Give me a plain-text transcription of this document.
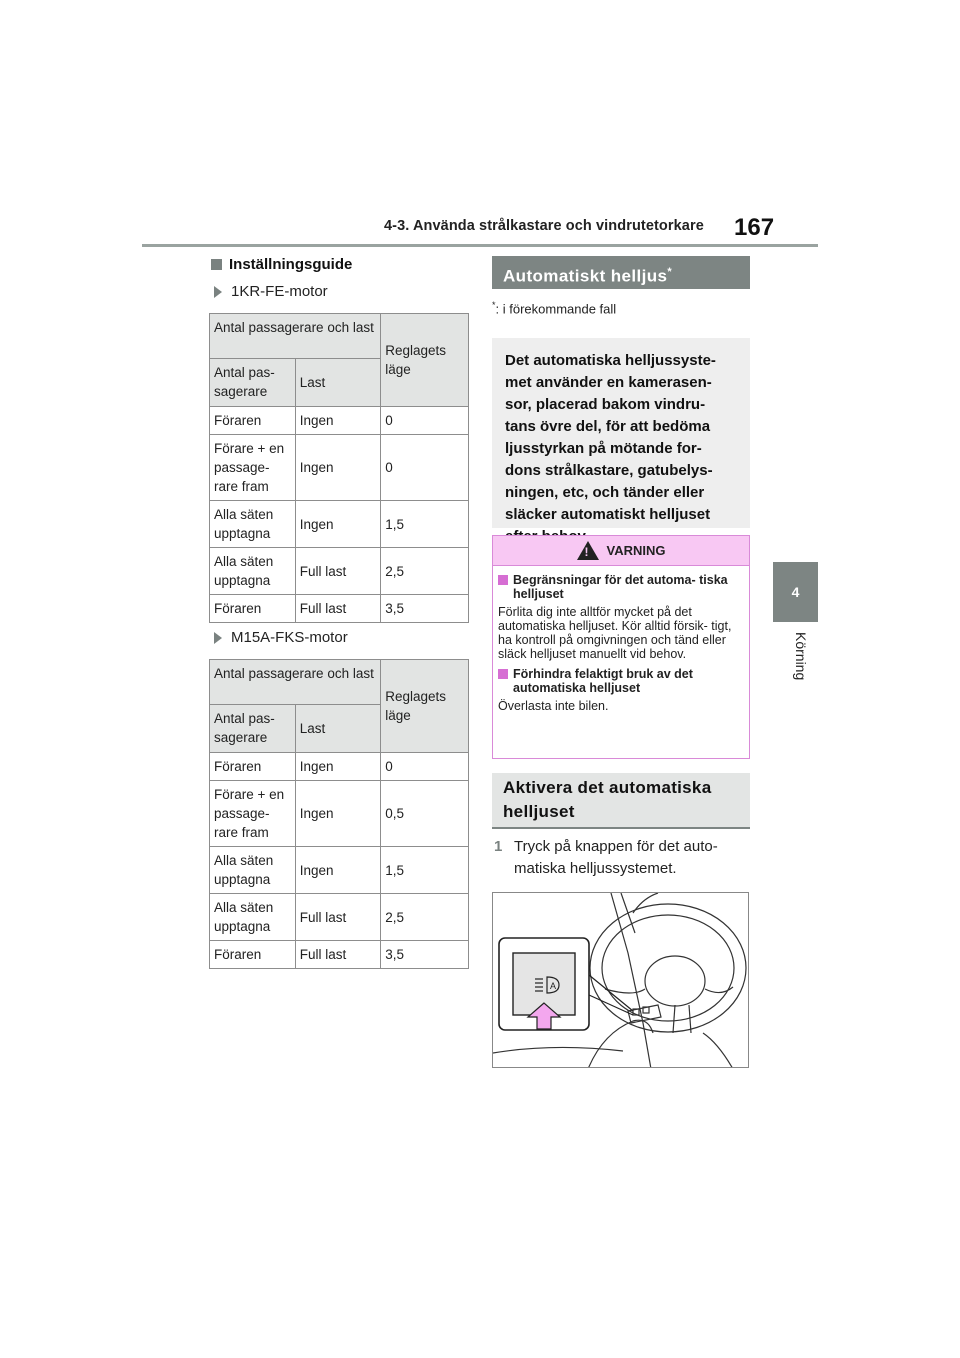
4-3. Använda strålkastare och vindrutetorkare 167
4
Körning
Inställningsguide
1KR-FE-motor
Antal passagerare och last		Reglagets läge
Antal pas- sagerare	Last	
Föraren	Ingen	0
Förare + en passage- rare fram	Ingen	0
Alla säten upptagna	Ingen	1,5
Alla säten upptagna	Full last	2,5
Föraren	Full last	3,5
M15A-FKS-motor
Antal passagerare och last		Reglagets läge
Antal pas- sagerare	Last	
Föraren	Ingen	0
Förare + en passage- rare fram	Ingen	0,5
Alla säten upptagna	Ingen	1,5
Alla säten upptagna	Full last	2,5
Föraren	Full last	3,5
Automatiskt helljus*
*: i förekommande fall
Det automatiska helljussyste- met använder en kamerasen- sor, placerad bakom vindru- tans övre del, för att bedöma ljusstyrkan på mötande for- dons strålkastare, gatubelys- ningen, etc, och tänder eller släcker automatiskt helljuset
!
VARNING
Begränsningar för det automa- tiska helljuset
Förlita dig inte alltför mycket på det automatiska helljuset. Kör alltid försik- tigt, ha kontroll på omgivningen och tänd eller släck helljuset manuellt vid behov.
Förhindra felaktigt bruk av det automatiska helljuset
Överlasta inte bilen.
Aktivera det automatiska helljuset
1 Tryck på knappen för det auto- matiska helljussystemet.
A
